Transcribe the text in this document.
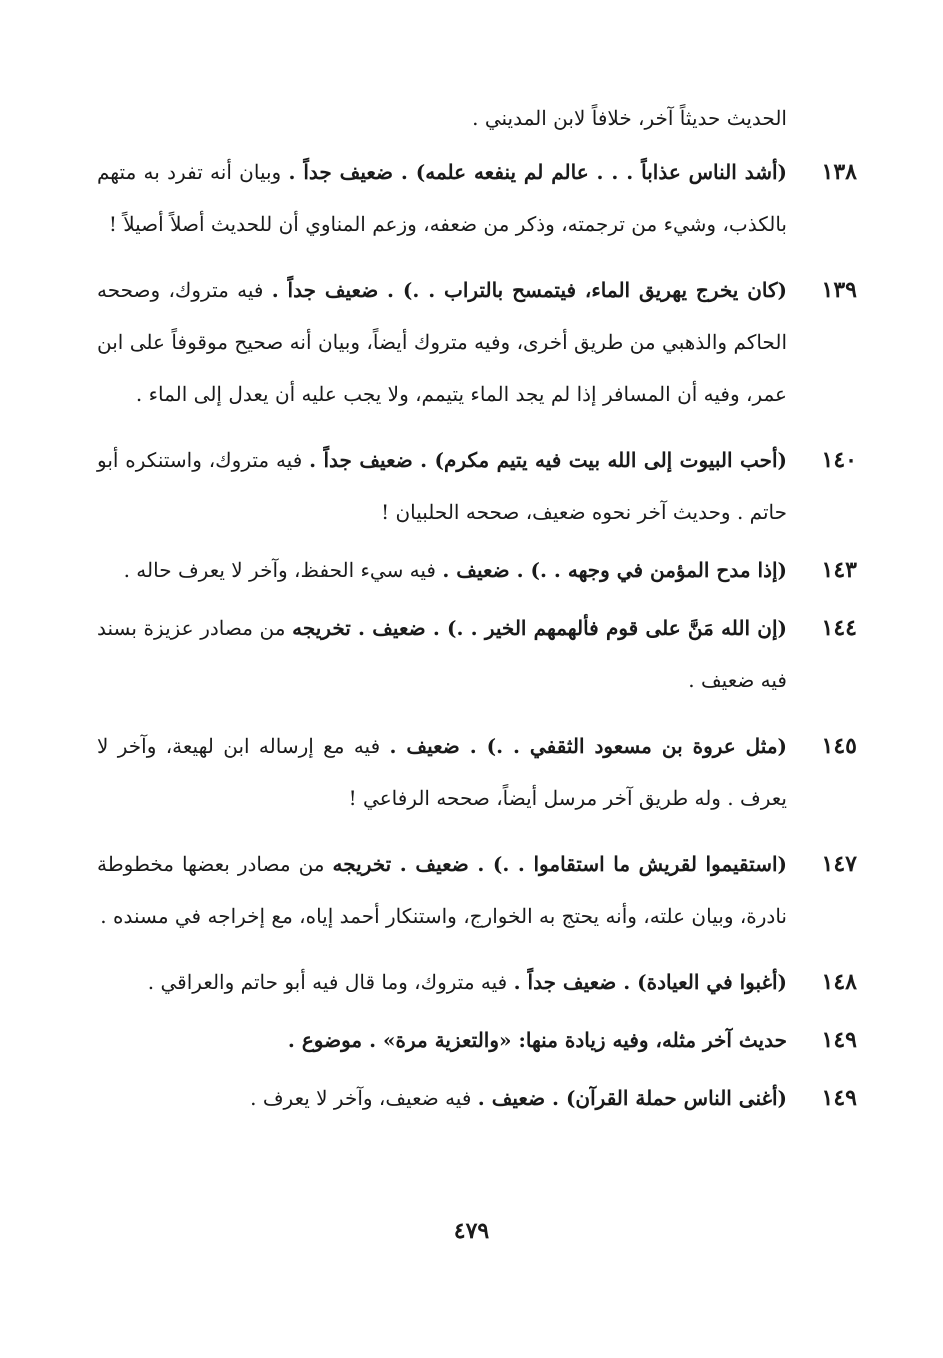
الحديث حديثاً آخر، خلافاً لابن المديني .
١٣٨
(أشد الناس عذاباً . . . عالم لم ينفعه علمه) . ضعيف جداً . وبيان أنه تفرد به متهم بالكذب، وشيء من ترجمته، وذكر من ضعفه، وزعم المناوي أن للحديث أصلاً أصيلاً !
١٣٩
(كان يخرج يهريق الماء، فيتمسح بالتراب . .) . ضعيف جداً . فيه متروك، وصححه الحاكم والذهبي من طريق أخرى، وفيه متروك أيضاً، وبيان أنه صحيح موقوفاً على ابن عمر، وفيه أن المسافر إذا لم يجد الماء يتيمم، ولا يجب عليه أن يعدل إلى الماء .
١٤٠
(أحب البيوت إلى الله بيت فيه يتيم مكرم) . ضعيف جداً . فيه متروك، واستنكره أبو حاتم . وحديث آخر نحوه ضعيف، صححه الحلبيان !
١٤٣
(إذا مدح المؤمن في وجهه . .) . ضعيف . فيه سيء الحفظ، وآخر لا يعرف حاله .
١٤٤
(إن الله مَنَّ على قوم فألهمهم الخير . .) . ضعيف . تخريجه من مصادر عزيزة بسند فيه ضعيف .
١٤٥
(مثل عروة بن مسعود الثقفي . .) . ضعيف . فيه مع إرساله ابن لهيعة، وآخر لا يعرف . وله طريق آخر مرسل أيضاً، صححه الرفاعي !
١٤٧
(استقيموا لقريش ما استقاموا . .) . ضعيف . تخريجه من مصادر بعضها مخطوطة نادرة، وبيان علته، وأنه يحتج به الخوارج، واستنكار أحمد إياه، مع إخراجه في مسنده .
١٤٨
(أغبوا في العيادة) . ضعيف جداً . فيه متروك، وما قال فيه أبو حاتم والعراقي .
١٤٩
حديث آخر مثله، وفيه زيادة منها: «والتعزية مرة» . موضوع .
١٤٩
(أغنى الناس حملة القرآن) . ضعيف . فيه ضعيف، وآخر لا يعرف .
٤٧٩
